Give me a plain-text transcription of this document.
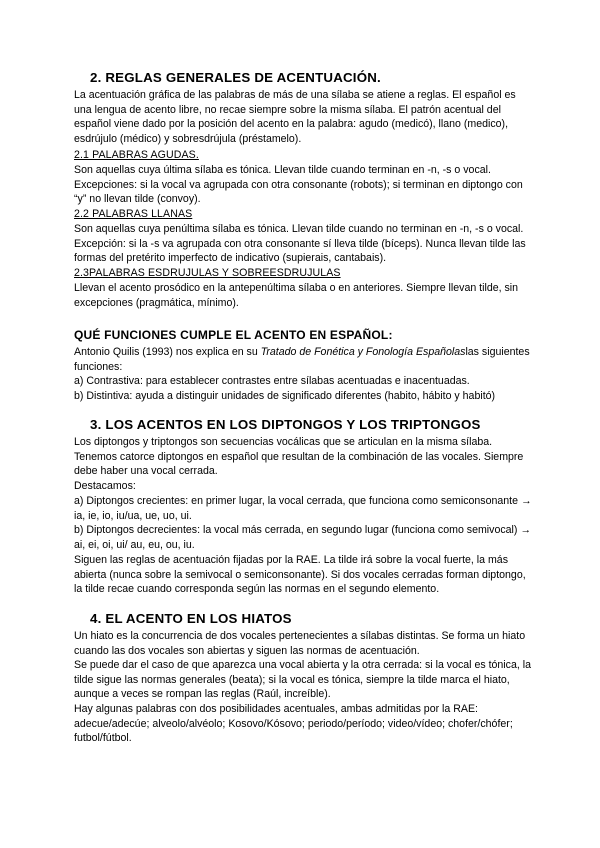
2. REGLAS GENERALES DE ACENTUACIÓN.

La acentuación gráfica de las palabras de más de una sílaba se atiene a reglas. El español es una lengua de acento libre, no recae siempre sobre la misma sílaba. El patrón acentual del español viene dado por la posición del acento en la palabra: agudo (medicó), llano (medico), esdrújulo (médico) y sobresdrújula (préstamelo).

2.1 PALABRAS AGUDAS.

Son aquellas cuya última sílaba es tónica. Llevan tilde cuando terminan en -n, -s o vocal. Excepciones: si la vocal va agrupada con otra consonante (robots); si terminan en diptongo con “y” no llevan tilde (convoy).

2.2 PALABRAS LLANAS

Son aquellas cuya penúltima sílaba es tónica. Llevan tilde cuando no terminan en -n, -s o vocal. Excepción: si la -s va agrupada con otra consonante sí lleva tilde (bíceps). Nunca llevan tilde las formas del pretérito imperfecto de indicativo (supierais, cantabais).

2.3PALABRAS ESDRUJULAS Y SOBREESDRUJULAS

Llevan el acento prosódico en la antepenúltima sílaba o en anteriores. Siempre llevan tilde, sin excepciones (pragmática, mínimo).

QUÉ FUNCIONES CUMPLE EL ACENTO EN ESPAÑOL:

Antonio Quilis (1993) nos explica en su Tratado de Fonética y Fonología Españolaslas siguientes funciones:

a) Contrastiva: para establecer contrastes entre sílabas acentuadas e inacentuadas.

b) Distintiva: ayuda a distinguir unidades de significado diferentes (habito, hábito y habitó)

3. LOS ACENTOS EN LOS DIPTONGOS Y LOS TRIPTONGOS

Los diptongos y triptongos son secuencias vocálicas que se articulan en la misma sílaba. Tenemos catorce diptongos en español que resultan de la combinación de las vocales. Siempre debe haber una vocal cerrada.

Destacamos:

a) Diptongos crecientes: en primer lugar, la vocal cerrada, que funciona como semiconsonante → ia, ie, io, iu/ua, ue, uo, ui.

b) Diptongos decrecientes: la vocal más cerrada, en segundo lugar (funciona como semivocal) → ai, ei, oi, ui/ au, eu, ou, iu.

Siguen las reglas de acentuación fijadas por la RAE. La tilde irá sobre la vocal fuerte, la más abierta (nunca sobre la semivocal o semiconsonante). Si dos vocales cerradas forman diptongo, la tilde recae cuando corresponda según las normas en el segundo elemento.

4. EL ACENTO EN LOS HIATOS

Un hiato es la concurrencia de dos vocales pertenecientes a sílabas distintas. Se forma un hiato cuando las dos vocales son abiertas y siguen las normas de acentuación.

Se puede dar el caso de que aparezca una vocal abierta y la otra cerrada: si la vocal es tónica, la tilde sigue las normas generales (beata); si la vocal es tónica, siempre la tilde marca el hiato, aunque a veces se rompan las reglas (Raúl, increíble).

Hay algunas palabras con dos posibilidades acentuales, ambas admitidas por la RAE: adecue/adecúe; alveolo/alvéolo; Kosovo/Kósovo; periodo/período; video/vídeo; chofer/chófer; futbol/fútbol.
